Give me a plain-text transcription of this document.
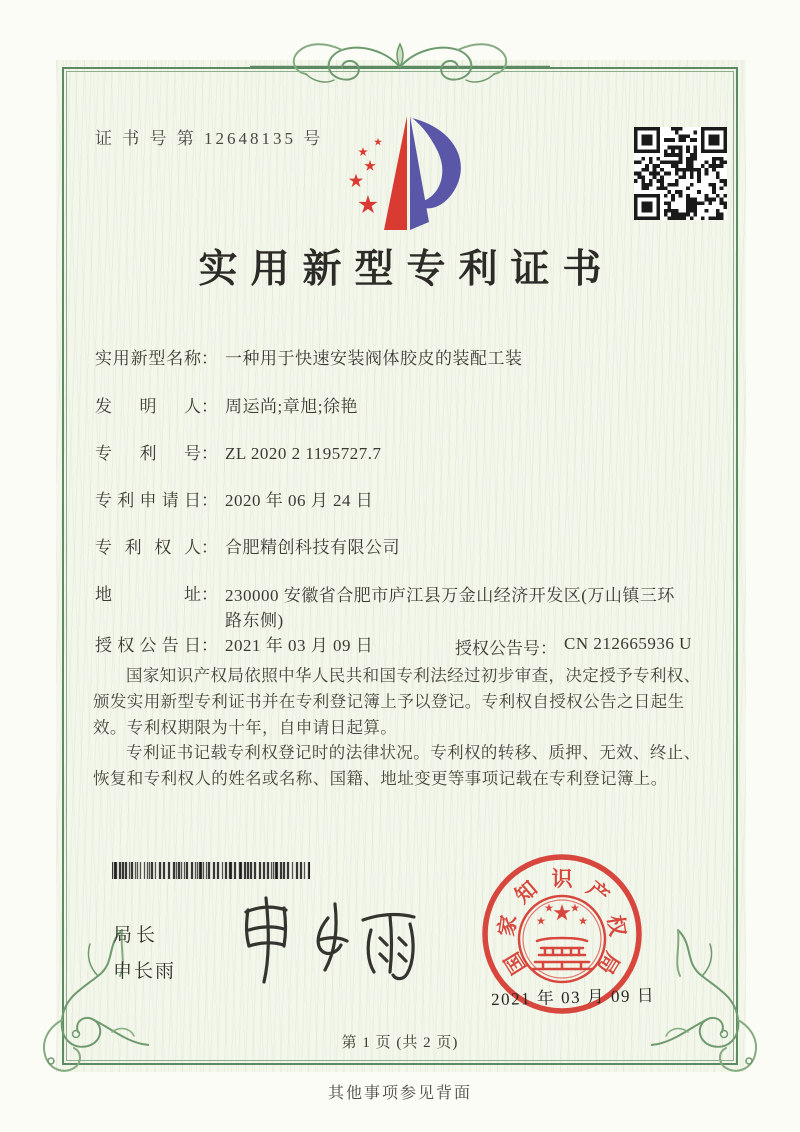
证 书 号 第 12648135 号
实用新型专利证书
实用新型名称： 一种用于快速安装阀体胶皮的装配工装
发明人： 周运尚;章旭;徐艳
专利号： ZL 2020 2 1195727.7
专利申请日： 2020 年 06 月 24 日
专利权人： 合肥精创科技有限公司
地址： 230000 安徽省合肥市庐江县万金山经济开发区(万山镇三环路东侧)
授权公告日： 2021 年 03 月 09 日	授权公告号： CN 212665936 U

国家知识产权局依照中华人民共和国专利法经过初步审查，决定授予专利权、颁发实用新型专利证书并在专利登记簿上予以登记。专利权自授权公告之日起生效。专利权期限为十年，自申请日起算。

专利证书记载专利权登记时的法律状况。专利权的转移、质押、无效、终止、恢复和专利权人的姓名或名称、国籍、地址变更等事项记载在专利登记簿上。

局长
申长雨	国
家
知 识 产
权
局
2021 年 03 月 09 日
第 1 页 (共 2 页)
其他事项参见背面
